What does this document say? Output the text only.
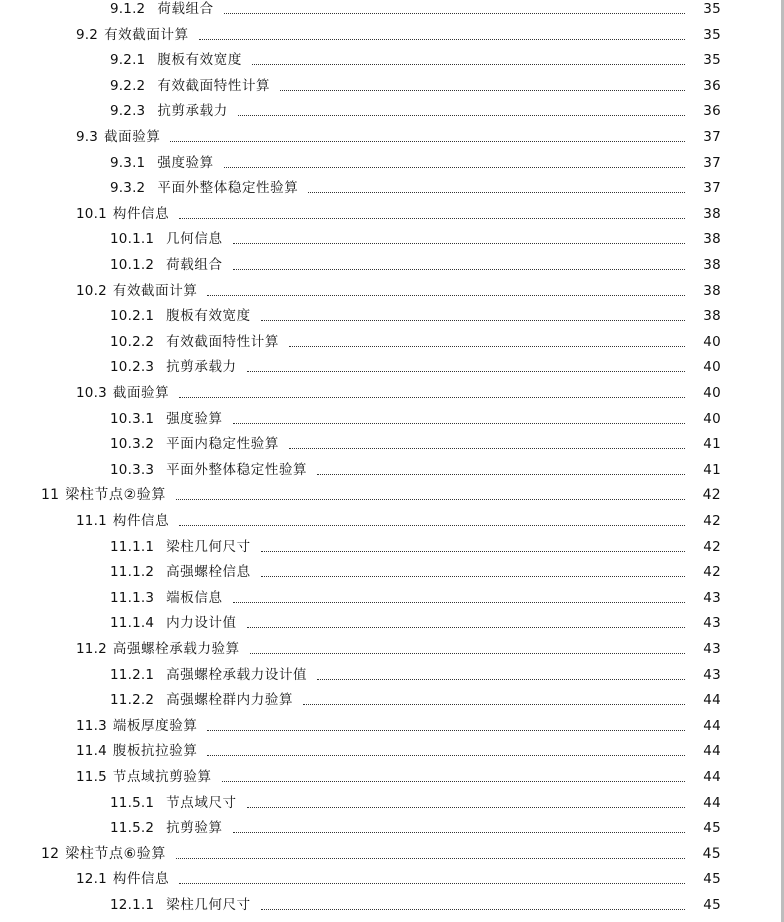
9.1.2 荷载组合	35
9.2 有效截面计算	35
9.2.1 腹板有效宽度	35
9.2.2 有效截面特性计算	36
9.2.3 抗剪承载力	36
9.3 截面验算	37
9.3.1 强度验算	37
9.3.2 平面外整体稳定性验算	37
10.1 构件信息	38
10.1.1 几何信息	38
10.1.2 荷载组合	38
10.2 有效截面计算	38
10.2.1 腹板有效宽度	38
10.2.2 有效截面特性计算	40
10.2.3 抗剪承载力	40
10.3 截面验算	40
10.3.1 强度验算	40
10.3.2 平面内稳定性验算	41
10.3.3 平面外整体稳定性验算	41
11 梁柱节点②验算	42
11.1 构件信息	42
11.1.1 梁柱几何尺寸	42
11.1.2 高强螺栓信息	42
11.1.3 端板信息	43
11.1.4 内力设计值	43
11.2 高强螺栓承载力验算	43
11.2.1 高强螺栓承载力设计值	43
11.2.2 高强螺栓群内力验算	44
11.3 端板厚度验算	44
11.4 腹板抗拉验算	44
11.5 节点域抗剪验算	44
11.5.1 节点域尺寸	44
11.5.2 抗剪验算	45
12 梁柱节点⑥验算	45
12.1 构件信息	45
12.1.1 梁柱几何尺寸	45
